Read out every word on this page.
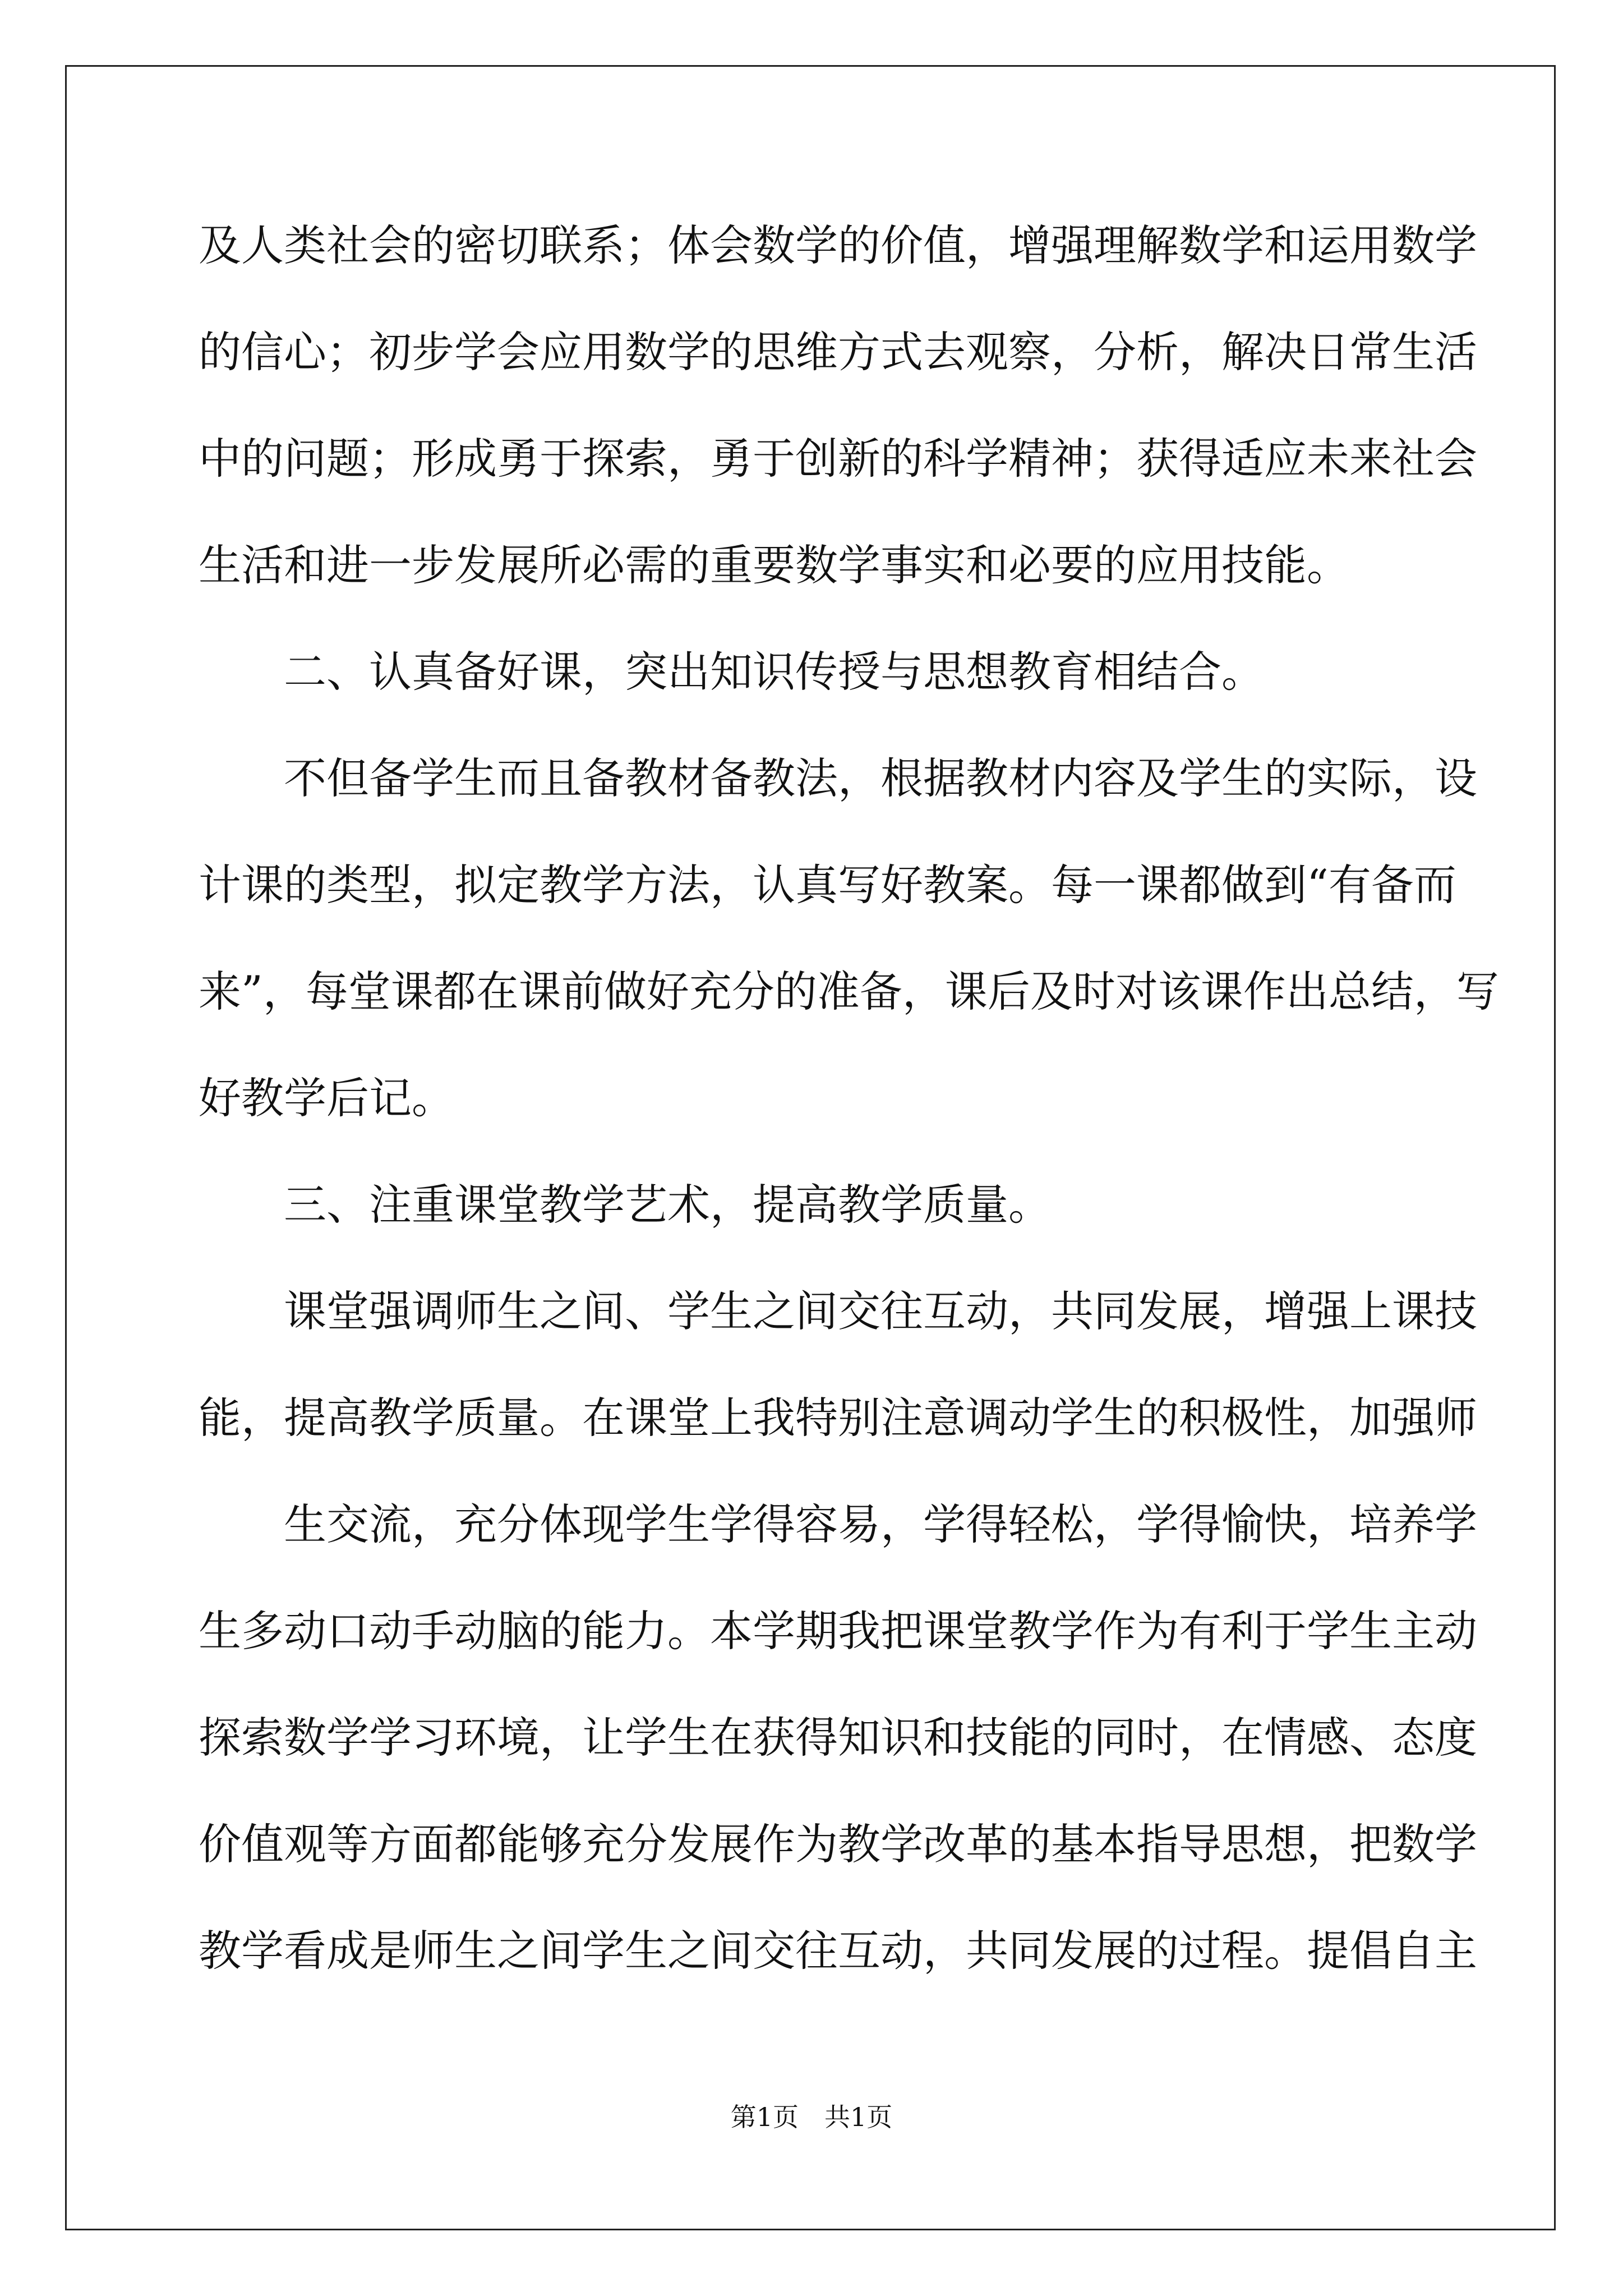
及人类社会的密切联系；体会数学的价值，增强理解数学和运用数学
的信心；初步学会应用数学的思维方式去观察，分析，解决日常生活
中的问题；形成勇于探索，勇于创新的科学精神；获得适应未来社会
生活和进一步发展所必需的重要数学事实和必要的应用技能。
二、认真备好课，突出知识传授与思想教育相结合。
不但备学生而且备教材备教法，根据教材内容及学生的实际，设
计课的类型，拟定教学方法，认真写好教案。每一课都做到“有备而
来”，每堂课都在课前做好充分的准备，课后及时对该课作出总结，写
好教学后记。
三、注重课堂教学艺术，提高教学质量。
课堂强调师生之间、学生之间交往互动，共同发展，增强上课技
能，提高教学质量。在课堂上我特别注意调动学生的积极性，加强师
生交流，充分体现学生学得容易，学得轻松，学得愉快，培养学
生多动口动手动脑的能力。本学期我把课堂教学作为有利于学生主动
探索数学学习环境，让学生在获得知识和技能的同时，在情感、态度
价值观等方面都能够充分发展作为教学改革的基本指导思想，把数学
教学看成是师生之间学生之间交往互动，共同发展的过程。提倡自主
第1页　共1页
